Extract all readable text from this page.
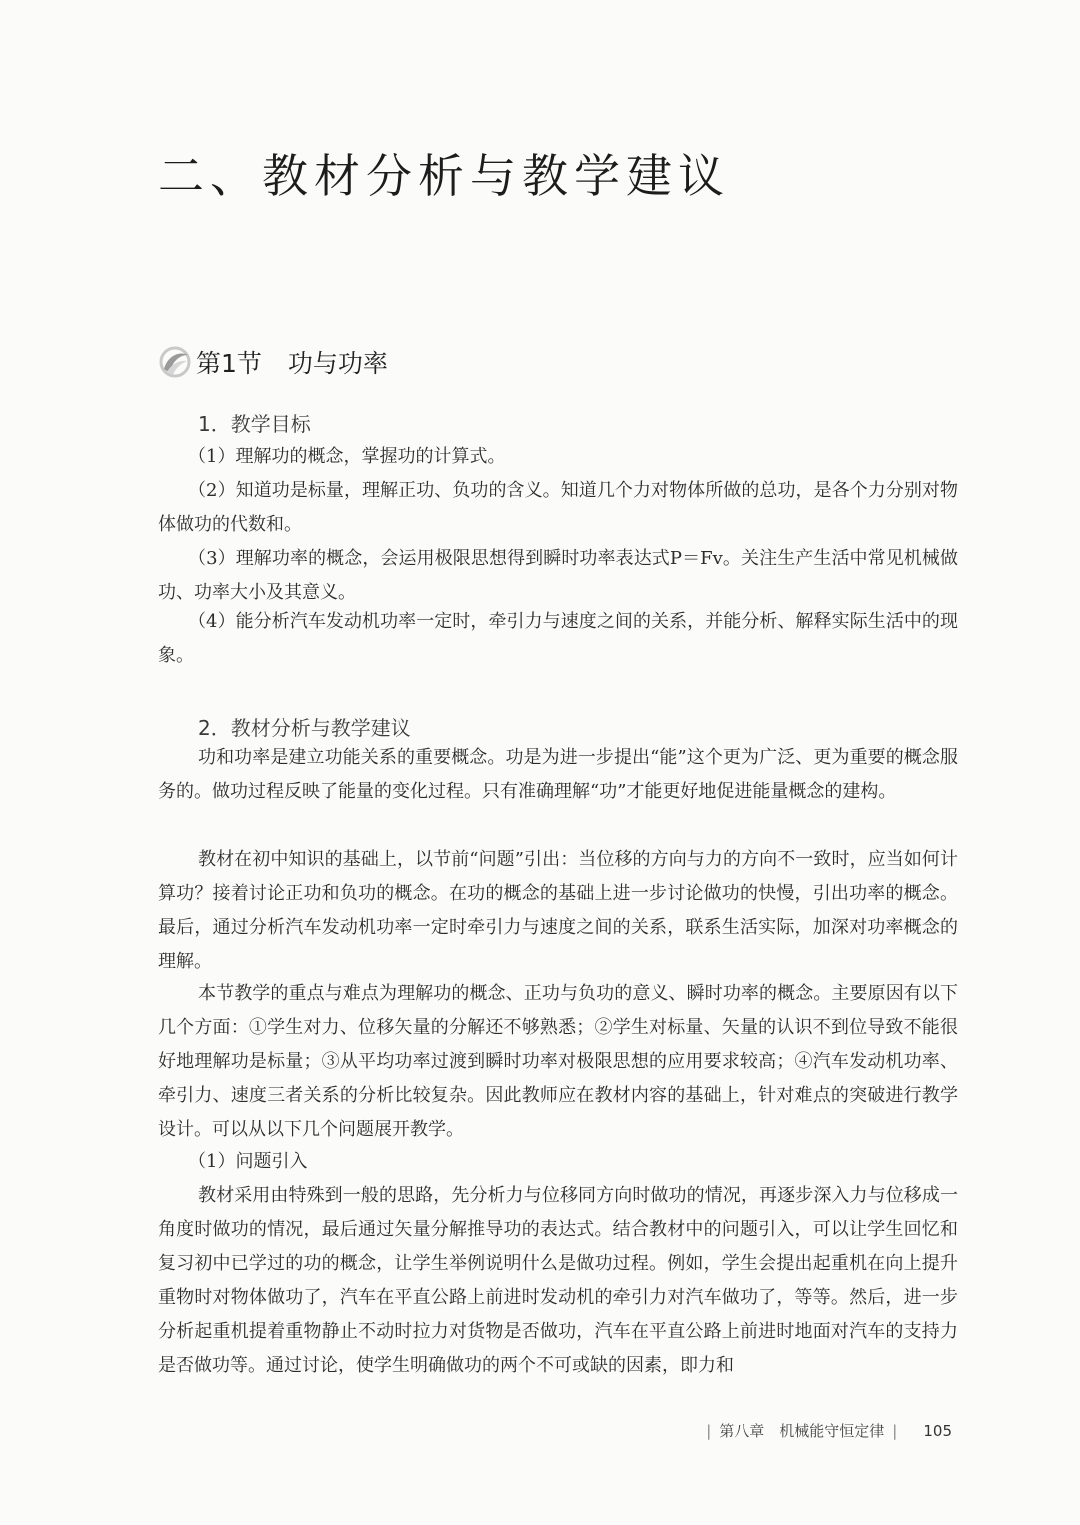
二、教材分析与教学建议
第1节 功与功率
1．教学目标

（1）理解功的概念，掌握功的计算式。

（2）知道功是标量，理解正功、负功的含义。知道几个力对物体所做的总功，是各个力分别对物体做功的代数和。

（3）理解功率的概念，会运用极限思想得到瞬时功率表达式P＝Fv。关注生产生活中常见机械做功、功率大小及其意义。

（4）能分析汽车发动机功率一定时，牵引力与速度之间的关系，并能分析、解释实际生活中的现象。

2．教材分析与教学建议

功和功率是建立功能关系的重要概念。功是为进一步提出“能”这个更为广泛、更为重要的概念服务的。做功过程反映了能量的变化过程。只有准确理解“功”才能更好地促进能量概念的建构。

教材在初中知识的基础上，以节前“问题”引出：当位移的方向与力的方向不一致时，应当如何计算功？接着讨论正功和负功的概念。在功的概念的基础上进一步讨论做功的快慢，引出功率的概念。最后，通过分析汽车发动机功率一定时牵引力与速度之间的关系，联系生活实际，加深对功率概念的理解。

本节教学的重点与难点为理解功的概念、正功与负功的意义、瞬时功率的概念。主要原因有以下几个方面：①学生对力、位移矢量的分解还不够熟悉；②学生对标量、矢量的认识不到位导致不能很好地理解功是标量；③从平均功率过渡到瞬时功率对极限思想的应用要求较高；④汽车发动机功率、牵引力、速度三者关系的分析比较复杂。因此教师应在教材内容的基础上，针对难点的突破进行教学设计。可以从以下几个问题展开教学。

（1）问题引入

教材采用由特殊到一般的思路，先分析力与位移同方向时做功的情况，再逐步深入力与位移成一角度时做功的情况，最后通过矢量分解推导功的表达式。结合教材中的问题引入，可以让学生回忆和复习初中已学过的功的概念，让学生举例说明什么是做功过程。例如，学生会提出起重机在向上提升重物时对物体做功了，汽车在平直公路上前进时发动机的牵引力对汽车做功了，等等。然后，进一步分析起重机提着重物静止不动时拉力对货物是否做功，汽车在平直公路上前进时地面对汽车的支持力是否做功等。通过讨论，使学生明确做功的两个不可或缺的因素，即力和

| 第八章　机械能守恒定律 | 105
